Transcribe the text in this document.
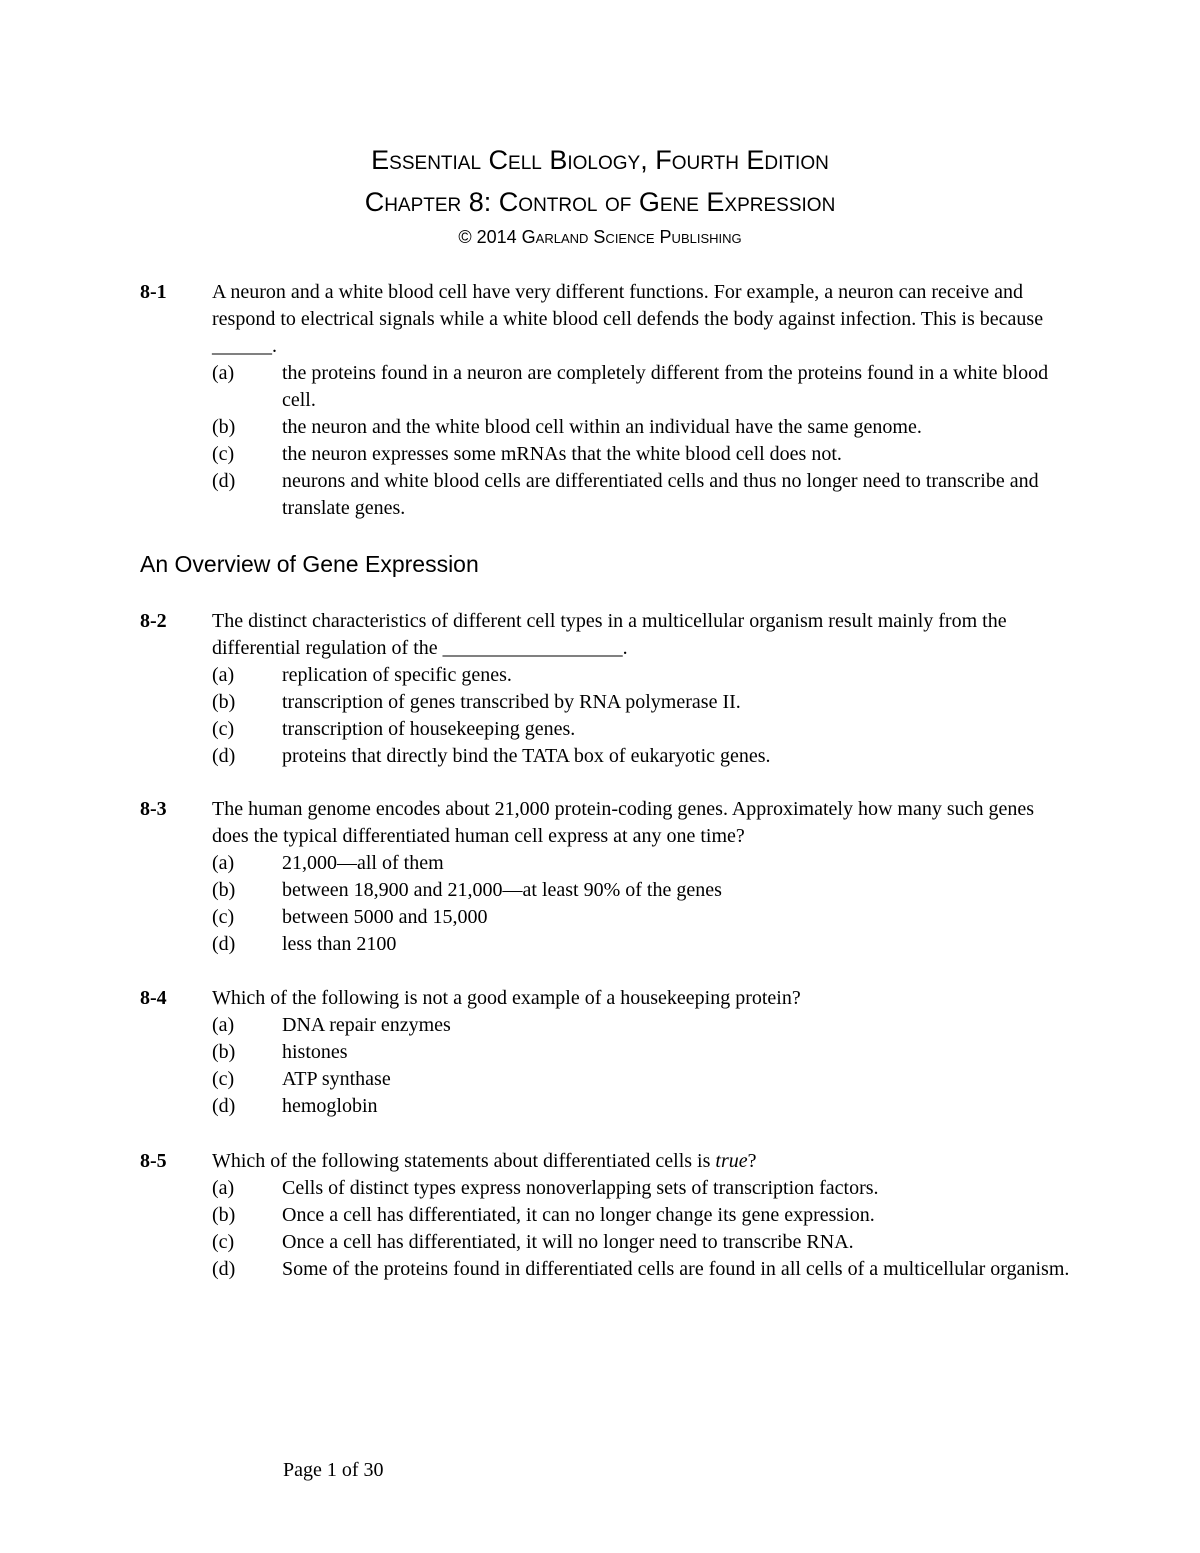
Essential Cell Biology, Fourth Edition
Chapter 8: Control of Gene Expression
© 2014 Garland Science Publishing
8-1 A neuron and a white blood cell have very different functions. For example, a neuron can receive and respond to electrical signals while a white blood cell defends the body against infection. This is because ______.
(a) the proteins found in a neuron are completely different from the proteins found in a white blood cell.
(b) the neuron and the white blood cell within an individual have the same genome.
(c) the neuron expresses some mRNAs that the white blood cell does not.
(d) neurons and white blood cells are differentiated cells and thus no longer need to transcribe and translate genes.
An Overview of Gene Expression
8-2 The distinct characteristics of different cell types in a multicellular organism result mainly from the differential regulation of the __________________.
(a) replication of specific genes.
(b) transcription of genes transcribed by RNA polymerase II.
(c) transcription of housekeeping genes.
(d) proteins that directly bind the TATA box of eukaryotic genes.
8-3 The human genome encodes about 21,000 protein-coding genes. Approximately how many such genes does the typical differentiated human cell express at any one time?
(a) 21,000—all of them
(b) between 18,900 and 21,000—at least 90% of the genes
(c) between 5000 and 15,000
(d) less than 2100
8-4 Which of the following is not a good example of a housekeeping protein?
(a) DNA repair enzymes
(b) histones
(c) ATP synthase
(d) hemoglobin
8-5 Which of the following statements about differentiated cells is true?
(a) Cells of distinct types express nonoverlapping sets of transcription factors.
(b) Once a cell has differentiated, it can no longer change its gene expression.
(c) Once a cell has differentiated, it will no longer need to transcribe RNA.
(d) Some of the proteins found in differentiated cells are found in all cells of a multicellular organism.
Page 1 of 30
